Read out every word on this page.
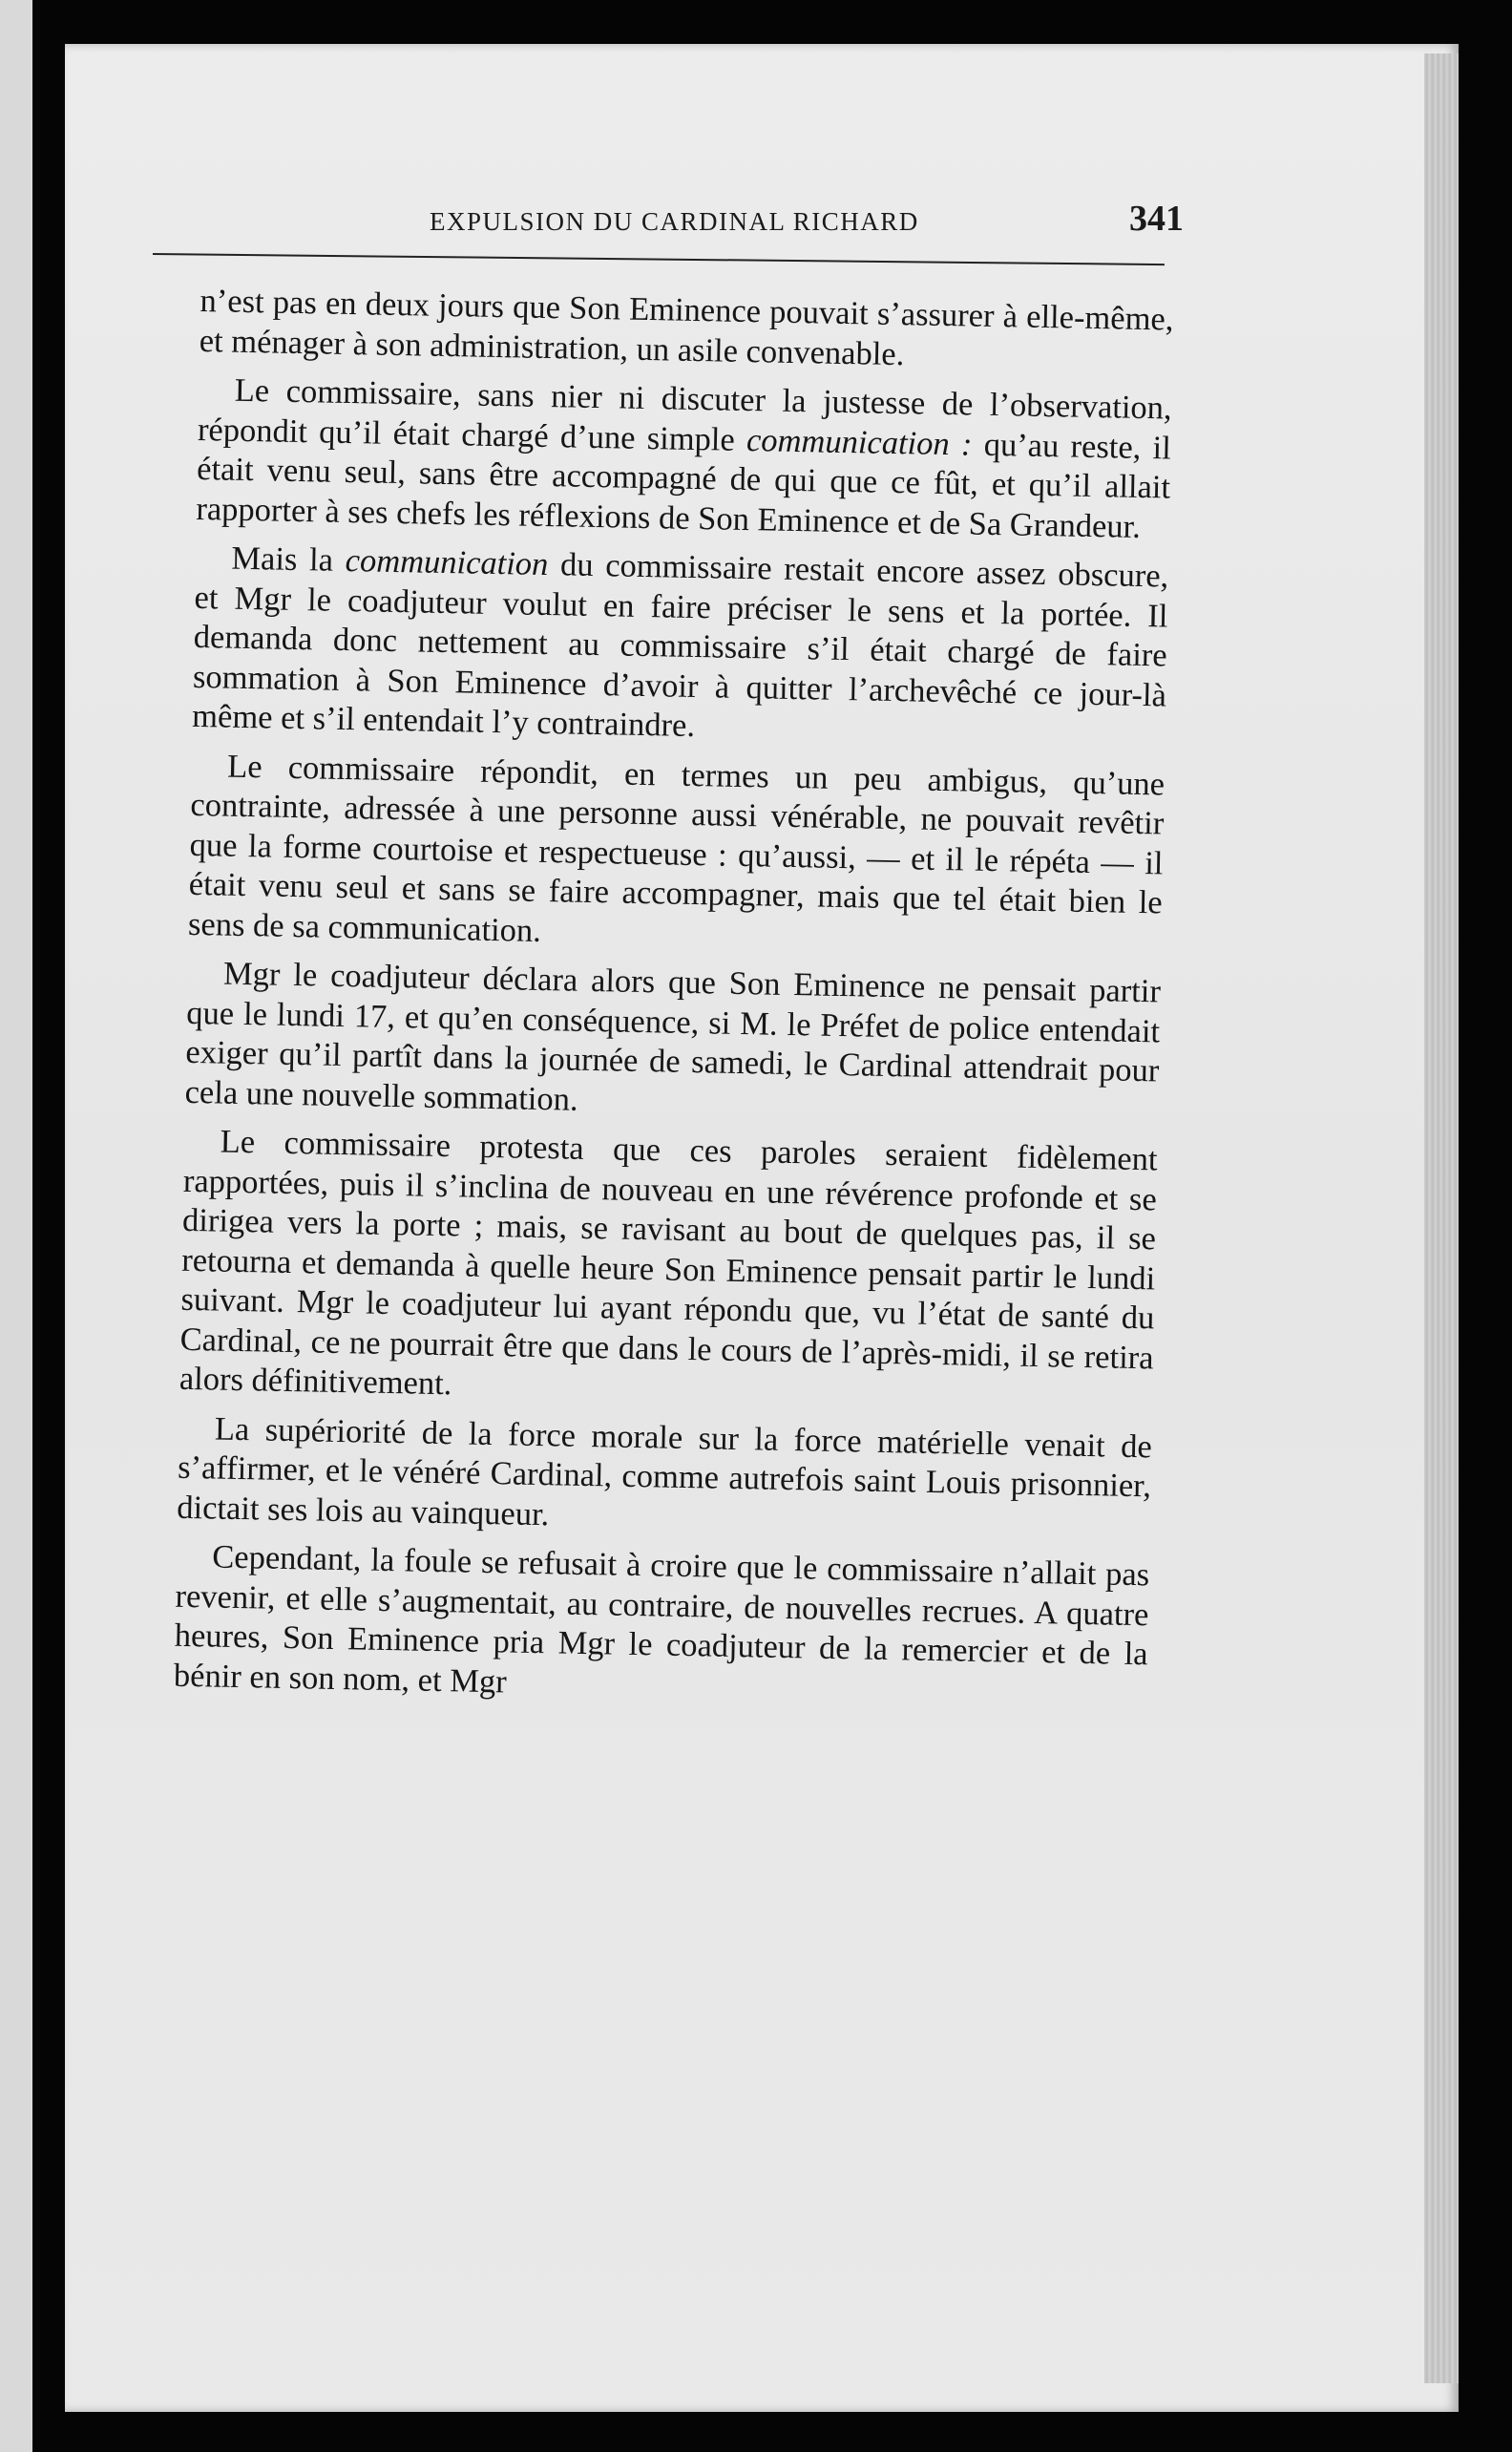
EXPULSION DU CARDINAL RICHARD	341

n’est pas en deux jours que Son Eminence pouvait s’assurer à elle-même, et ménager à son administration, un asile convenable.

Le commissaire, sans nier ni discuter la justesse de l’observation, répondit qu’il était chargé d’une simple communication : qu’au reste, il était venu seul, sans être accompagné de qui que ce fût, et qu’il allait rapporter à ses chefs les réflexions de Son Eminence et de Sa Grandeur.

Mais la communication du commissaire restait encore assez obscure, et Mgr le coadjuteur voulut en faire préciser le sens et la portée. Il demanda donc nettement au commissaire s’il était chargé de faire sommation à Son Eminence d’avoir à quitter l’archevêché ce jour-là même et s’il entendait l’y contraindre.

Le commissaire répondit, en termes un peu ambigus, qu’une contrainte, adressée à une personne aussi vénérable, ne pouvait revêtir que la forme courtoise et respectueuse : qu’aussi, — et il le répéta — il était venu seul et sans se faire accompagner, mais que tel était bien le sens de sa communication.

Mgr le coadjuteur déclara alors que Son Eminence ne pensait partir que le lundi 17, et qu’en conséquence, si M. le Préfet de police entendait exiger qu’il partît dans la journée de samedi, le Cardinal attendrait pour cela une nouvelle sommation.

Le commissaire protesta que ces paroles seraient fidèlement rapportées, puis il s’inclina de nouveau en une révérence profonde et se dirigea vers la porte ; mais, se ravisant au bout de quelques pas, il se retourna et demanda à quelle heure Son Eminence pensait partir le lundi suivant. Mgr le coadjuteur lui ayant répondu que, vu l’état de santé du Cardinal, ce ne pourrait être que dans le cours de l’après-midi, il se retira alors définitivement.

La supériorité de la force morale sur la force matérielle venait de s’affirmer, et le vénéré Cardinal, comme autrefois saint Louis prisonnier, dictait ses lois au vainqueur.

Cependant, la foule se refusait à croire que le commissaire n’allait pas revenir, et elle s’augmentait, au contraire, de nouvelles recrues. A quatre heures, Son Eminence pria Mgr le coadjuteur de la remercier et de la bénir en son nom, et Mgr
